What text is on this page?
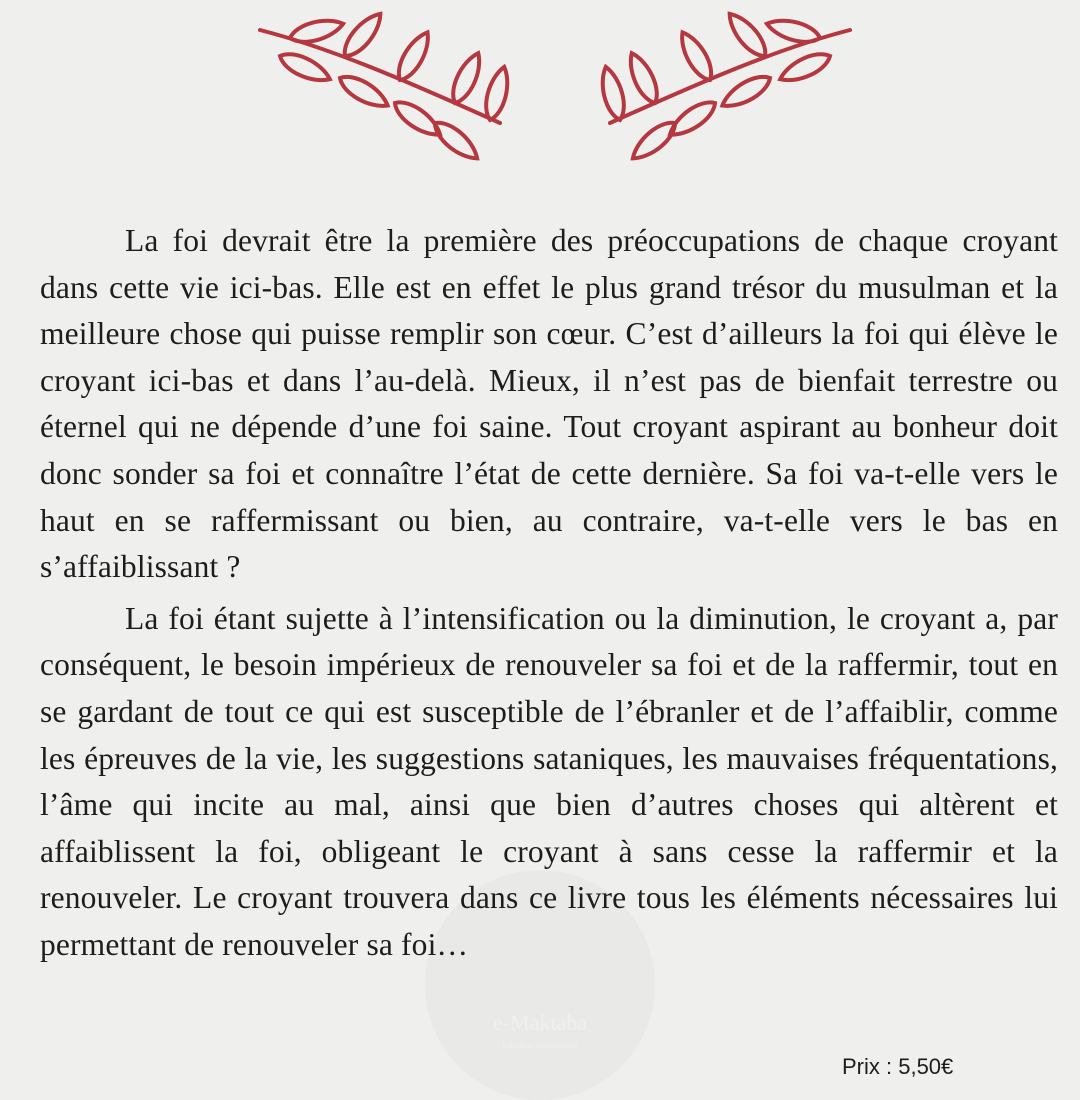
e-Maktaba
Librairie musulmane

La foi devrait être la première des préoccupations de chaque croyant dans cette vie ici-bas. Elle est en effet le plus grand trésor du musulman et la meilleure chose qui puisse remplir son cœur. C’est d’ailleurs la foi qui élève le croyant ici-bas et dans l’au-delà. Mieux, il n’est pas de bienfait terrestre ou éternel qui ne dépende d’une foi saine. Tout croyant aspirant au bonheur doit donc sonder sa foi et connaître l’état de cette dernière. Sa foi va-t-elle vers le haut en se raffermissant ou bien, au contraire, va-t-elle vers le bas en s’affaiblissant ?

La foi étant sujette à l’intensification ou la diminution, le croyant a, par conséquent, le besoin impérieux de renouveler sa foi et de la raffermir, tout en se gardant de tout ce qui est susceptible de l’ébranler et de l’affaiblir, comme les épreuves de la vie, les suggestions sataniques, les mauvaises fréquentations, l’âme qui incite au mal, ainsi que bien d’autres choses qui altèrent et affaiblissent la foi, obligeant le croyant à sans cesse la raffermir et la renouveler. Le croyant trouvera dans ce livre tous les éléments nécessaires lui permettant de renouveler sa foi…

Prix : 5,50€
